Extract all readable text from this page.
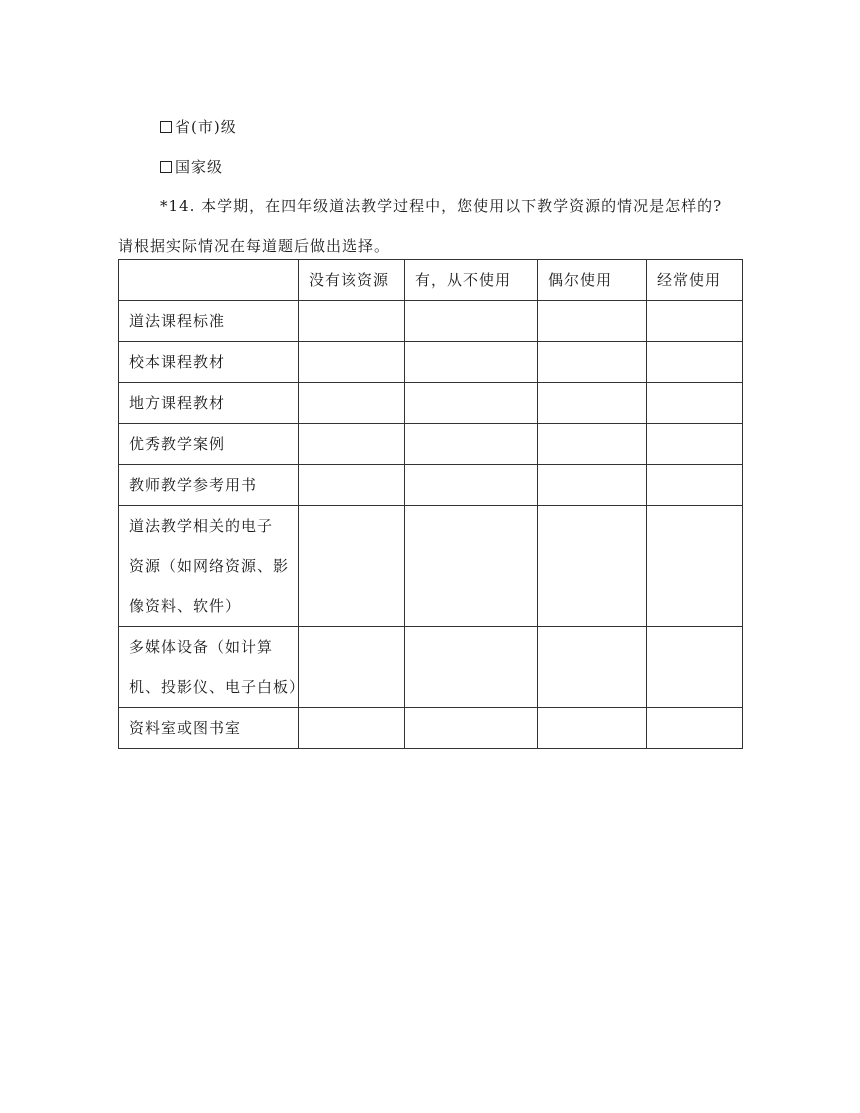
省(市)级
国家级
*14. 本学期，在四年级道法教学过程中，您使用以下教学资源的情况是怎样的?
请根据实际情况在每道题后做出选择。
	没有该资源	有，从不使用	偶尔使用	经常使用
道法课程标准				
校本课程教材				
地方课程教材				
优秀教学案例				
教师教学参考用书				

道法教学相关的电子
资源（如网络资源、影
像资料、软件）				

多媒体设备（如计算
机、投影仪、电子白板）				

资料室或图书室				
